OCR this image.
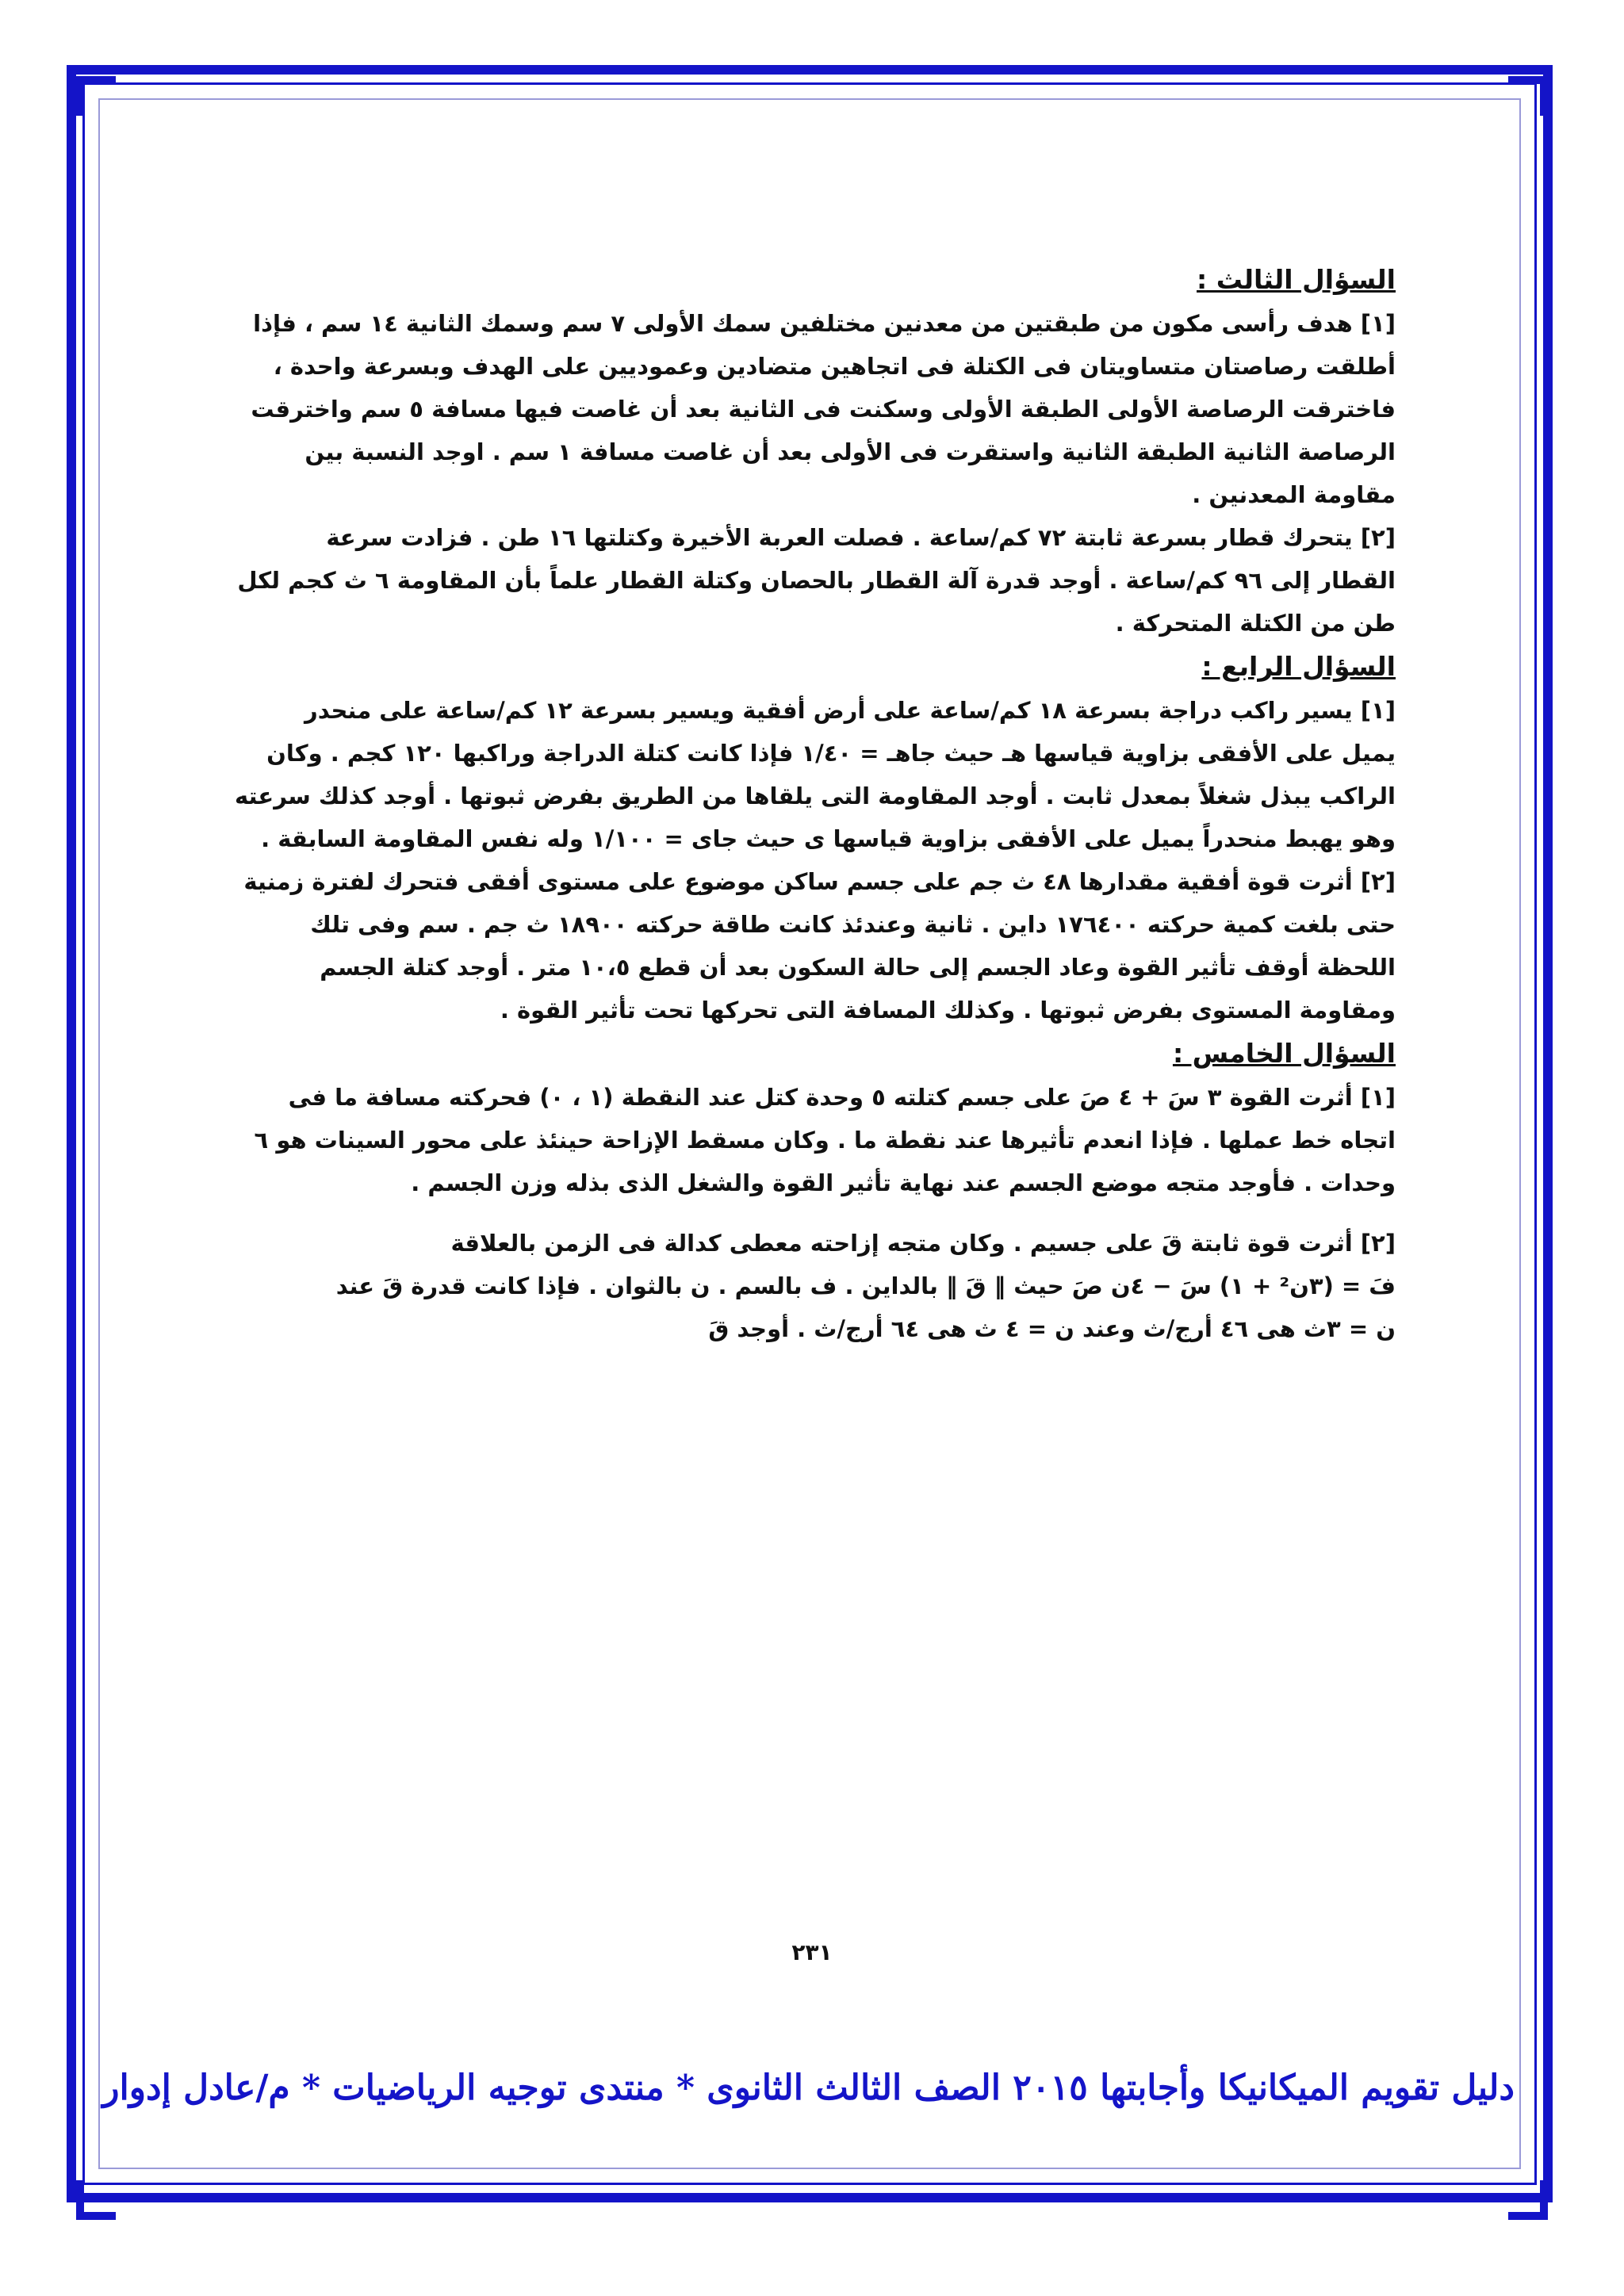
السؤال الثالث :
[١] هدف رأسى مكون من طبقتين من معدنين مختلفين سمك الأولى ٧ سم وسمك الثانية ١٤ سم ، فإذا
أطلقت رصاصتان متساويتان فى الكتلة فى اتجاهين متضادين وعموديين على الهدف وبسرعة واحدة ،
فاخترقت الرصاصة الأولى الطبقة الأولى وسكنت فى الثانية بعد أن غاصت فيها مسافة ٥ سم واخترقت
الرصاصة الثانية الطبقة الثانية واستقرت فى الأولى بعد أن غاصت مسافة ١ سم . اوجد النسبة بين
مقاومة المعدنين .
[٢] يتحرك قطار بسرعة ثابتة ٧٢ كم/ساعة . فصلت العربة الأخيرة وكتلتها ١٦ طن . فزادت سرعة
القطار إلى ٩٦ كم/ساعة . أوجد قدرة آلة القطار بالحصان وكتلة القطار علماً بأن المقاومة ٦ ث كجم لكل
طن من الكتلة المتحركة .
السؤال الرابع :
[١] يسير راكب دراجة بسرعة ١٨ كم/ساعة على أرض أفقية ويسير بسرعة ١٢ كم/ساعة على منحدر
يميل على الأفقى بزاوية قياسها هـ حيث جاهـ = ١/٤٠ فإذا كانت كتلة الدراجة وراكبها ١٢٠ كجم . وكان
الراكب يبذل شغلاً بمعدل ثابت . أوجد المقاومة التى يلقاها من الطريق بفرض ثبوتها . أوجد كذلك سرعته
وهو يهبط منحدراً يميل على الأفقى بزاوية قياسها ى حيث جاى = ١/١٠٠ وله نفس المقاومة السابقة .
[٢] أثرت قوة أفقية مقدارها ٤٨ ث جم على جسم ساكن موضوع على مستوى أفقى فتحرك لفترة زمنية
حتى بلغت كمية حركته ١٧٦٤٠٠ داين . ثانية وعندئذ كانت طاقة حركته ١٨٩٠٠ ث جم . سم وفى تلك
اللحظة أوقف تأثير القوة وعاد الجسم إلى حالة السكون بعد أن قطع ١٠،٥ متر . أوجد كتلة الجسم
ومقاومة المستوى بفرض ثبوتها . وكذلك المسافة التى تحركها تحت تأثير القوة .
السؤال الخامس :
[١] أثرت القوة ٣ سَ + ٤ صَ على جسم كتلته ٥ وحدة كتل عند النقطة (١ ، ٠) فحركته مسافة ما فى
اتجاه خط عملها . فإذا انعدم تأثيرها عند نقطة ما . وكان مسقط الإزاحة حينئذ على محور السينات هو ٦
وحدات . فأوجد متجه موضع الجسم عند نهاية تأثير القوة والشغل الذى بذله وزن الجسم .
[٢] أثرت قوة ثابتة قَ على جسيم . وكان متجه إزاحته معطى كدالة فى الزمن بالعلاقة
فَ = (٣ن² + ١) سَ − ٤ن صَ حيث ‖ قَ ‖ بالداين . ف بالسم . ن بالثوان . فإذا كانت قدرة قَ عند
ن = ٣ث هى ٤٦ أرج/ث وعند ن = ٤ ث هى ٦٤ أرج/ث . أوجد قَ
٢٣١
دليل تقويم الميكانيكا وأجابتها ٢٠١٥ الصف الثالث الثانوى * منتدى توجيه الرياضيات * م/عادل إدوار
